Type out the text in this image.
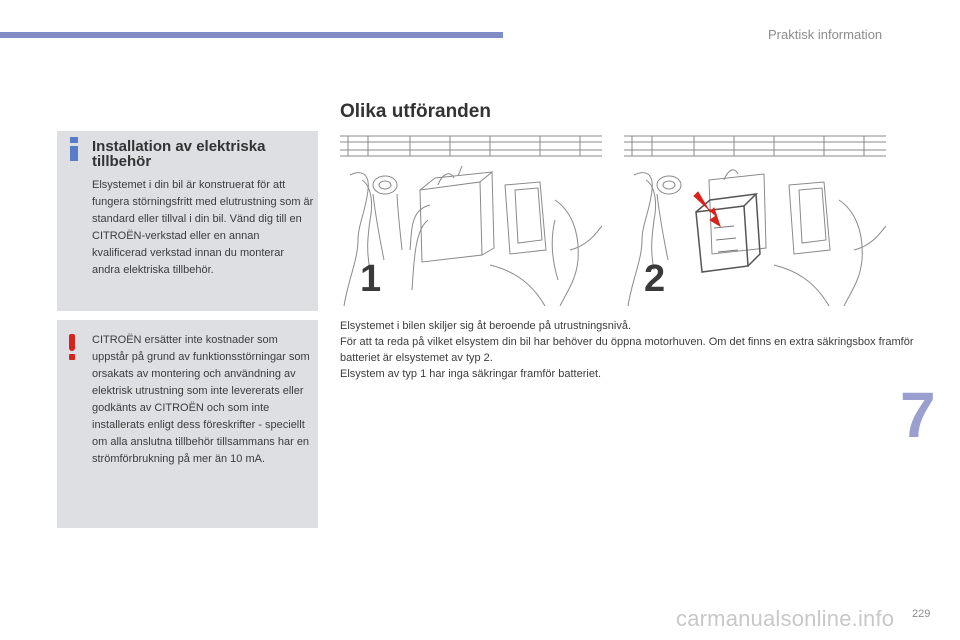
Praktisk information
Installation av elektriska tillbehör
Elsystemet i din bil är konstruerat för att fungera störningsfritt med elutrustning som är standard eller tillval i din bil. Vänd dig till en CITROËN-verkstad eller en annan kvalificerad verkstad innan du monterar andra elektriska tillbehör.
CITROËN ersätter inte kostnader som uppstår på grund av funktionsstörningar som orsakats av montering och användning av elektrisk utrustning som inte levererats eller godkänts av CITROËN och som inte installerats enligt dess föreskrifter - speciellt om alla anslutna tillbehör tillsammans har en strömförbrukning på mer än 10 mA.
Olika utföranden
1	2

Elsystemet i bilen skiljer sig åt beroende på utrustningsnivå.

För att ta reda på vilket elsystem din bil har behöver du öppna motorhuven. Om det finns en extra säkringsbox framför batteriet är elsystemet av typ 2.

Elsystem av typ 1 har inga säkringar framför batteriet.

7
carmanualsonline.info 229
